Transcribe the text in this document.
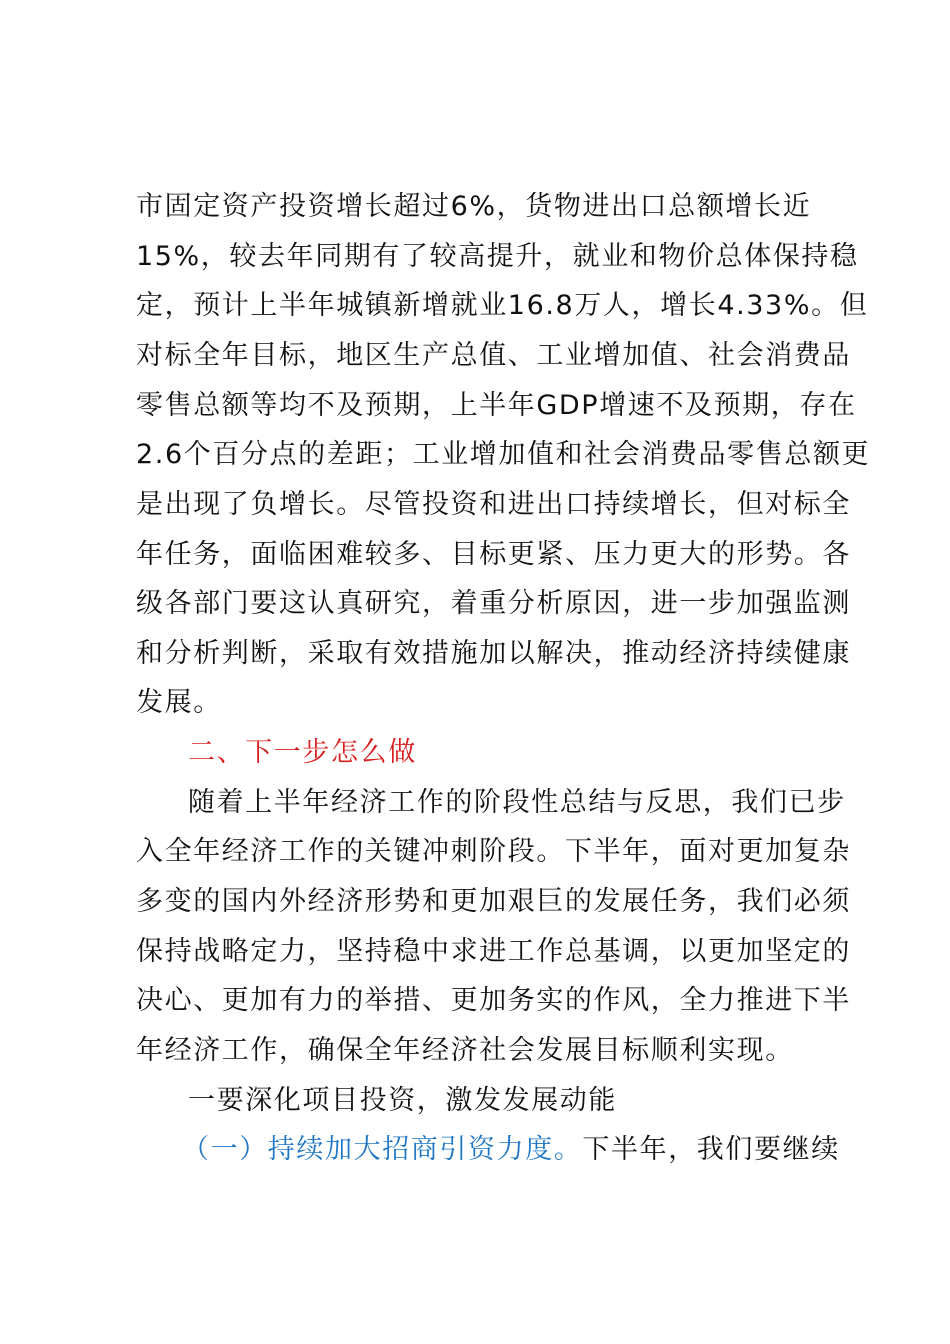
市固定资产投资增长超过6%，货物进出口总额增长近
15%，较去年同期有了较高提升，就业和物价总体保持稳
定，预计上半年城镇新增就业16.8万人，增长4.33%。但
对标全年目标，地区生产总值、工业增加值、社会消费品
零售总额等均不及预期，上半年GDP增速不及预期，存在
2.6个百分点的差距；工业增加值和社会消费品零售总额更
是出现了负增长。尽管投资和进出口持续增长，但对标全
年任务，面临困难较多、目标更紧、压力更大的形势。各
级各部门要这认真研究，着重分析原因，进一步加强监测
和分析判断，采取有效措施加以解决，推动经济持续健康
发展。
二、下一步怎么做
随着上半年经济工作的阶段性总结与反思，我们已步
入全年经济工作的关键冲刺阶段。下半年，面对更加复杂
多变的国内外经济形势和更加艰巨的发展任务，我们必须
保持战略定力，坚持稳中求进工作总基调，以更加坚定的
决心、更加有力的举措、更加务实的作风，全力推进下半
年经济工作，确保全年经济社会发展目标顺利实现。
一要深化项目投资，激发发展动能
（一）持续加大招商引资力度。下半年，我们要继续
